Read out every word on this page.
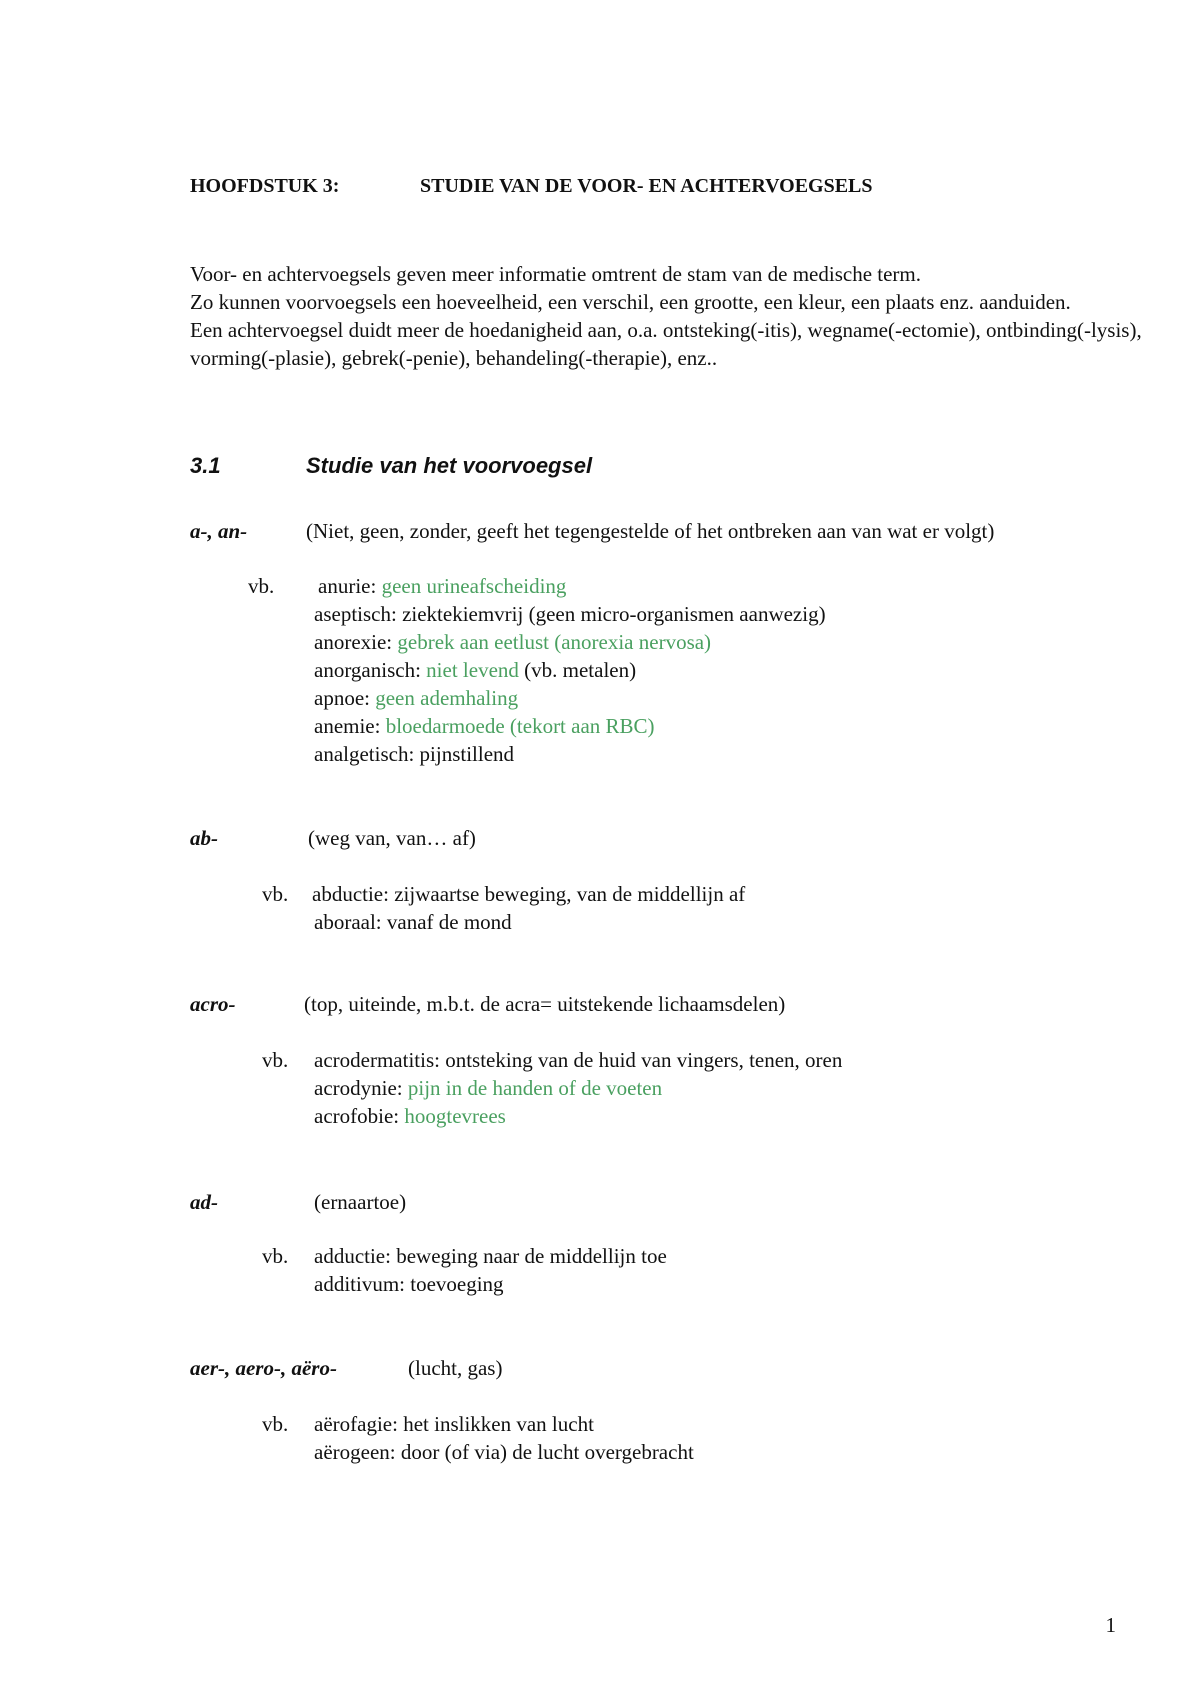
HOOFDSTUK 3:	STUDIE VAN DE VOOR- EN ACHTERVOEGSELS

Voor- en achtervoegsels geven meer informatie omtrent de stam van de medische term.

Zo kunnen voorvoegsels een hoeveelheid, een verschil, een grootte, een kleur, een plaats enz. aanduiden.

Een achtervoegsel duidt meer de hoedanigheid aan, o.a. ontsteking(-itis), wegname(-ectomie), ontbinding(-lysis), vorming(-plasie), gebrek(-penie), behandeling(-therapie), enz..

3.1	Studie van het voorvoegsel
a-, an-	(Niet, geen, zonder, geeft het tegengestelde of het ontbreken aan van wat er volgt)
vb. anurie: geen urineafscheiding
aseptisch: ziektekiemvrij (geen micro-organismen aanwezig)
anorexie: gebrek aan eetlust (anorexia nervosa)
anorganisch: niet levend (vb. metalen)
apnoe: geen ademhaling
anemie: bloedarmoede (tekort aan RBC)
analgetisch: pijnstillend
ab-	(weg van, van… af)
vb. abductie: zijwaartse beweging, van de middellijn af
aboraal: vanaf de mond
acro-	(top, uiteinde, m.b.t. de acra= uitstekende lichaamsdelen)
vb. acrodermatitis: ontsteking van de huid van vingers, tenen, oren
acrodynie: pijn in de handen of de voeten
acrofobie: hoogtevrees
ad-	(ernaartoe)
vb. adductie: beweging naar de middellijn toe
additivum: toevoeging
aer-, aero-, aëro-	(lucht, gas)
vb. aërofagie: het inslikken van lucht
aërogeen: door (of via) de lucht overgebracht
1
